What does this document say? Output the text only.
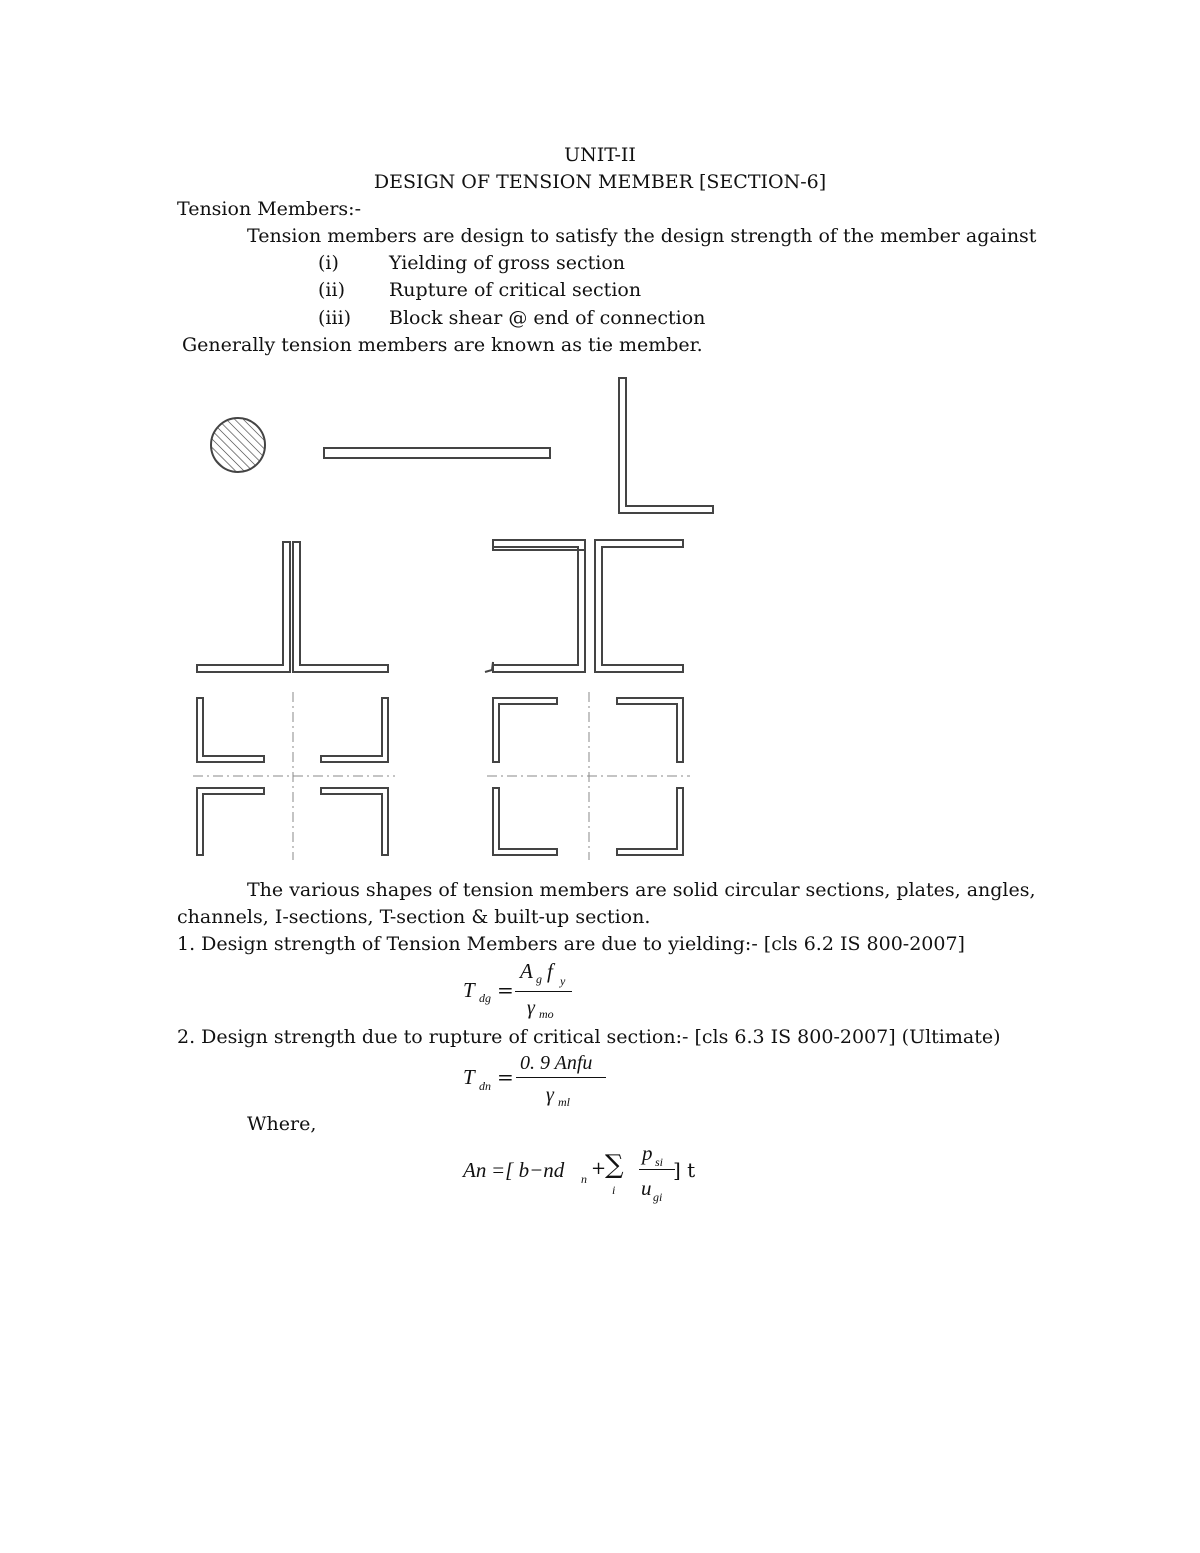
UNIT-II
DESIGN OF TENSION MEMBER [SECTION-6]
Tension Members:-
Tension members are design to satisfy the design strength of the member against
(i)	Yielding of gross section
(ii) Rupture of critical section
(iii) Block shear @ end of connection
Generally tension members are known as tie member.
The various shapes of tension members are solid circular sections, plates, angles,
channels, I-sections, T-section & built-up section.
1. Design strength of Tension Members are due to yielding:- [cls 6.2 IS 800-2007]
T dg =
A g f y
γ mo
2. Design strength due to rupture of critical section:- [cls 6.3 IS 800-2007] (Ultimate)
T dn =
0. 9 Anfu
γ ml
Where,
An =[ b−nd n +
∑
i
p si
u gi
] t
